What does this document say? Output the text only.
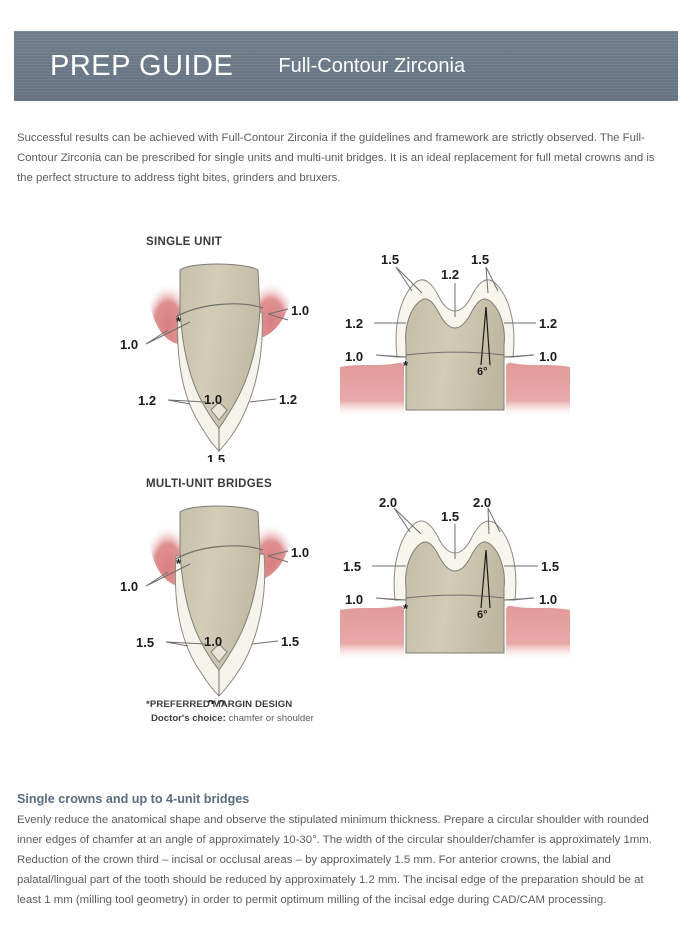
PREP GUIDE Full-Contour Zirconia
Successful results can be achieved with Full-Contour Zirconia if the guidelines and framework are strictly observed. The Full-Contour Zirconia can be prescribed for single units and multi-unit bridges. It is an ideal replacement for full metal crowns and is the perfect structure to address tight bites, grinders and bruxers.
SINGLE UNIT
MULTI-UNIT BRIDGES
*
1.0
1.0
1.2	1.0	1.2
1.5
*	6°
1.5
1.2
1.5
1.2	1.2
1.0	1.0
*
1.0
1.0
1.5	1.0	1.5
*	6°
2.0
1.5
2.0
1.5	1.5
1.0	1.0
*PREFERRED MARGIN DESIGN
Doctor's choice: chamfer or shoulder
Single crowns and up to 4-unit bridges
Evenly reduce the anatomical shape and observe the stipulated minimum thickness. Prepare a circular shoulder with rounded inner edges of chamfer at an angle of approximately 10-30°. The width of the circular shoulder/chamfer is approximately 1mm. Reduction of the crown third – incisal or occlusal areas – by approximately 1.5 mm. For anterior crowns, the labial and palatal/lingual part of the tooth should be reduced by approximately 1.2 mm. The incisal edge of the preparation should be at least 1 mm (milling tool geometry) in order to permit optimum milling of the incisal edge during CAD/CAM processing.
